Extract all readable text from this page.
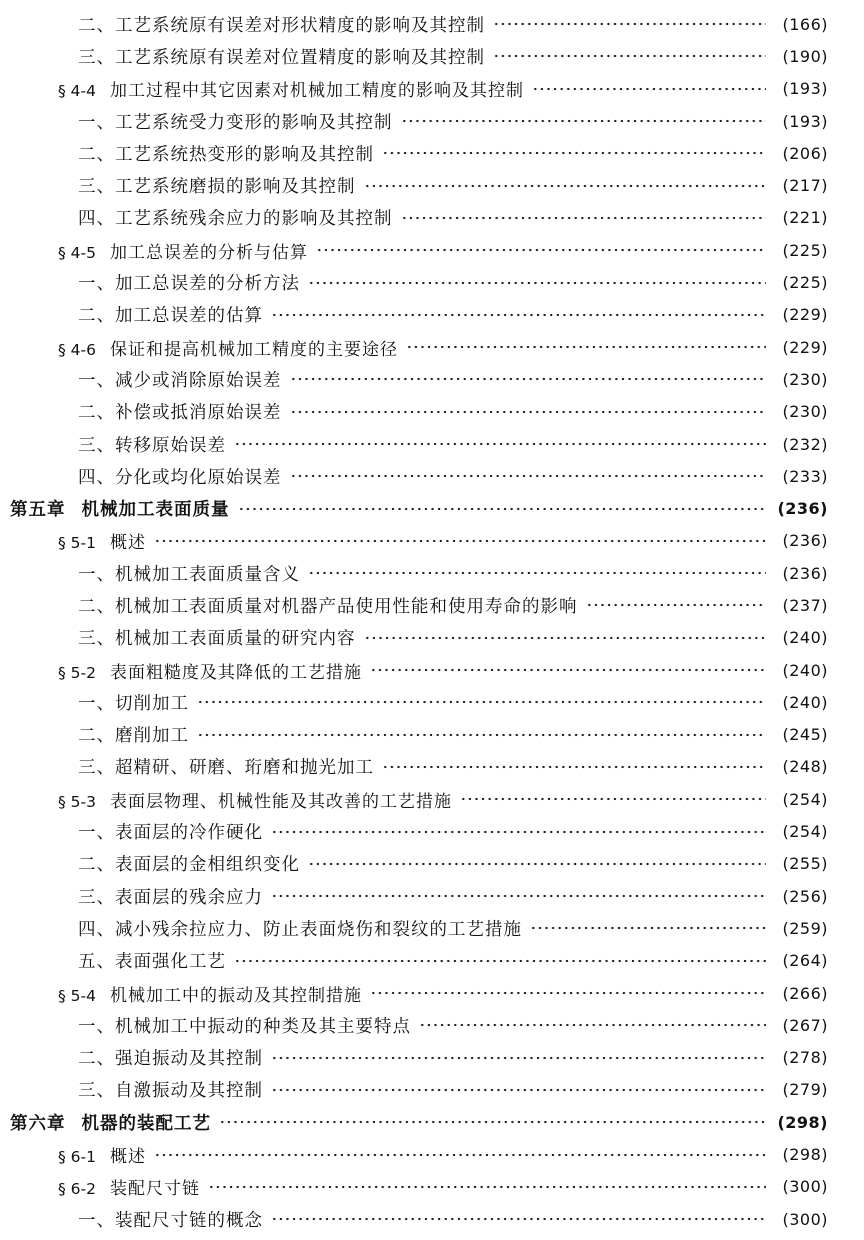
二、工艺系统原有误差对形状精度的影响及其控制	(166)
三、工艺系统原有误差对位置精度的影响及其控制	(190)
§ 4-4 加工过程中其它因素对机械加工精度的影响及其控制	(193)
一、工艺系统受力变形的影响及其控制	(193)
二、工艺系统热变形的影响及其控制	(206)
三、工艺系统磨损的影响及其控制	(217)
四、工艺系统残余应力的影响及其控制	(221)
§ 4-5 加工总误差的分析与估算	(225)
一、加工总误差的分析方法	(225)
二、加工总误差的估算	(229)
§ 4-6 保证和提高机械加工精度的主要途径	(229)
一、减少或消除原始误差	(230)
二、补偿或抵消原始误差	(230)
三、转移原始误差	(232)
四、分化或均化原始误差	(233)
第五章 机械加工表面质量	(236)
§ 5-1 概述	(236)
一、机械加工表面质量含义	(236)
二、机械加工表面质量对机器产品使用性能和使用寿命的影响	(237)
三、机械加工表面质量的研究内容	(240)
§ 5-2 表面粗糙度及其降低的工艺措施	(240)
一、切削加工	(240)
二、磨削加工	(245)
三、超精研、研磨、珩磨和抛光加工	(248)
§ 5-3 表面层物理、机械性能及其改善的工艺措施	(254)
一、表面层的冷作硬化	(254)
二、表面层的金相组织变化	(255)
三、表面层的残余应力	(256)
四、减小残余拉应力、防止表面烧伤和裂纹的工艺措施	(259)
五、表面强化工艺	(264)
§ 5-4 机械加工中的振动及其控制措施	(266)
一、机械加工中振动的种类及其主要特点	(267)
二、强迫振动及其控制	(278)
三、自激振动及其控制	(279)
第六章 机器的装配工艺	(298)
§ 6-1 概述	(298)
§ 6-2 装配尺寸链	(300)
一、装配尺寸链的概念	(300)
